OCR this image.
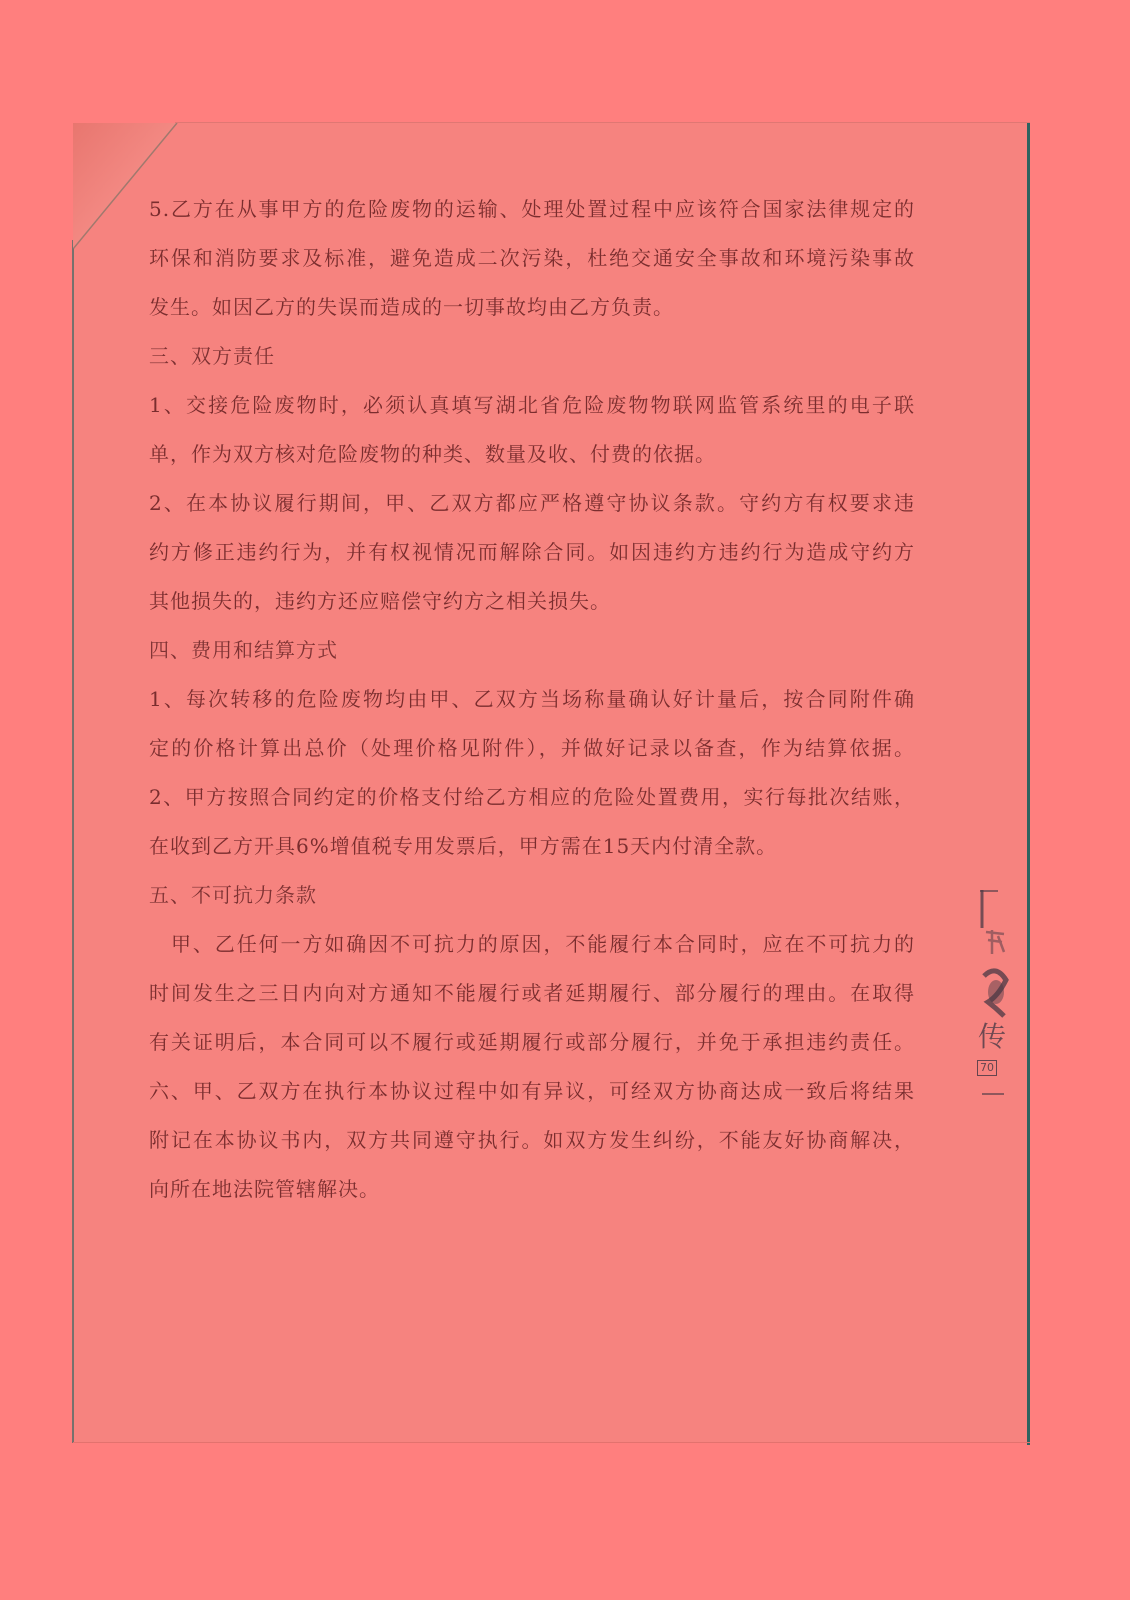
5.乙方在从事甲方的危险废物的运输、处理处置过程中应该符合国家法律规定的
环保和消防要求及标准，避免造成二次污染，杜绝交通安全事故和环境污染事故
发生。如因乙方的失误而造成的一切事故均由乙方负责。
三、双方责任
1、交接危险废物时，必须认真填写湖北省危险废物物联网监管系统里的电子联
单，作为双方核对危险废物的种类、数量及收、付费的依据。
2、在本协议履行期间，甲、乙双方都应严格遵守协议条款。守约方有权要求违
约方修正违约行为，并有权视情况而解除合同。如因违约方违约行为造成守约方
其他损失的，违约方还应赔偿守约方之相关损失。
四、费用和结算方式
1、每次转移的危险废物均由甲、乙双方当场称量确认好计量后，按合同附件确
定的价格计算出总价（处理价格见附件），并做好记录以备查，作为结算依据。
2、甲方按照合同约定的价格支付给乙方相应的危险处置费用，实行每批次结账，
在收到乙方开具6%增值税专用发票后，甲方需在15天内付清全款。
五、不可抗力条款
甲、乙任何一方如确因不可抗力的原因，不能履行本合同时，应在不可抗力的
时间发生之三日内向对方通知不能履行或者延期履行、部分履行的理由。在取得
有关证明后，本合同可以不履行或延期履行或部分履行，并免于承担违约责任。
六、甲、乙双方在执行本协议过程中如有异议，可经双方协商达成一致后将结果
附记在本协议书内，双方共同遵守执行。如双方发生纠纷，不能友好协商解决，
向所在地法院管辖解决。
传
70
